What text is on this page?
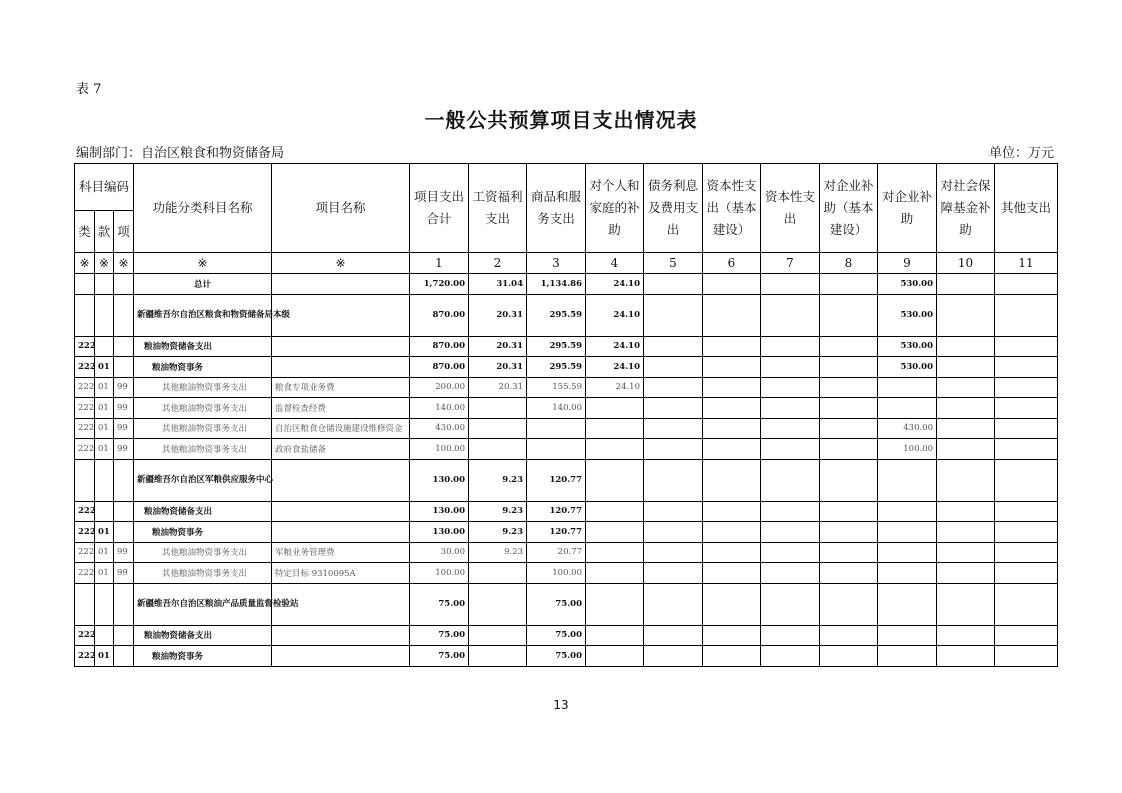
表 7
一般公共预算项目支出情况表
编制部门：自治区粮食和物资储备局	单位：万元
科目编码			功能分类科目名称	项目名称	项目支出合计	工资福利支出	商品和服务支出	对个人和家庭的补助	债务利息及费用支出	资本性支出（基本建设）	资本性支出	对企业补助（基本建设）	对企业补助	对社会保障基金补助	其他支出
类	款	项													
※	※	※	※	※	1	2	3	4	5	6	7	8	9	10	11
			总计		1,720.00	31.04	1,134.86	24.10					530.00		
			新疆维吾尔自治区粮食和物资储备局本级		870.00	20.31	295.59	24.10					530.00		
222			粮油物资储备支出		870.00	20.31	295.59	24.10					530.00		
222	01		粮油物资事务		870.00	20.31	295.59	24.10					530.00		
222	01	99	其他粮油物资事务支出	粮食专项业务费	200.00	20.31	155.59	24.10							
222	01	99	其他粮油物资事务支出	监督检查经费	140.00		140.00								
222	01	99	其他粮油物资事务支出	自治区粮食仓储设施建设维修资金	430.00								430.00		
222	01	99	其他粮油物资事务支出	政府食盐储备	100.00								100.00		
			新疆维吾尔自治区军粮供应服务中心		130.00	9.23	120.77								
222			粮油物资储备支出		130.00	9.23	120.77								
222	01		粮油物资事务		130.00	9.23	120.77								
222	01	99	其他粮油物资事务支出	军粮业务管理费	30.00	9.23	20.77								
222	01	99	其他粮油物资事务支出	特定目标 9310095A	100.00		100.00								
			新疆维吾尔自治区粮油产品质量监督检验站		75.00		75.00								
222			粮油物资储备支出		75.00		75.00								
222	01		粮油物资事务		75.00		75.00								
13
